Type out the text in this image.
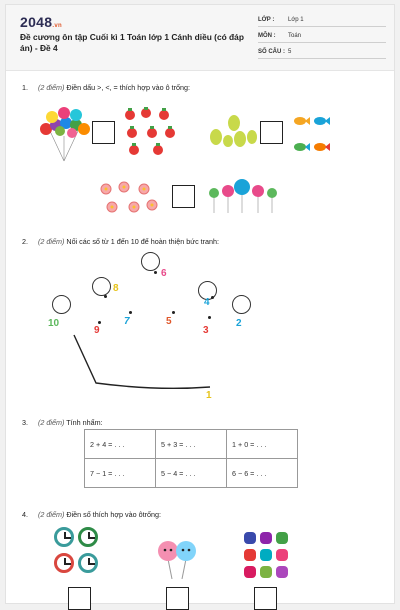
2048.vn
Đề cương ôn tập Cuối kì 1 Toán lớp 1 Cánh diều (có đáp án) - Đề 4
LỚP : Lớp 1
MÔN : Toán
SỐ CÂU : 5
1. (2 điểm) Điền dấu >, <, = thích hợp vào ô trống:
2. (2 điểm) Nối các số từ 1 đến 10 để hoàn thiện bức tranh:
6
8
4
10	2
7	5
3
9
1
3. (2 điểm) Tính nhẩm:
2 + 4 = . . .	5 + 3 = . . .	1 + 0 = . . .
7 − 1 = . . .	5 − 4 = . . .	6 − 6 = . . .
4. (2 điểm) Điền số thích hợp vào ôtrống:
